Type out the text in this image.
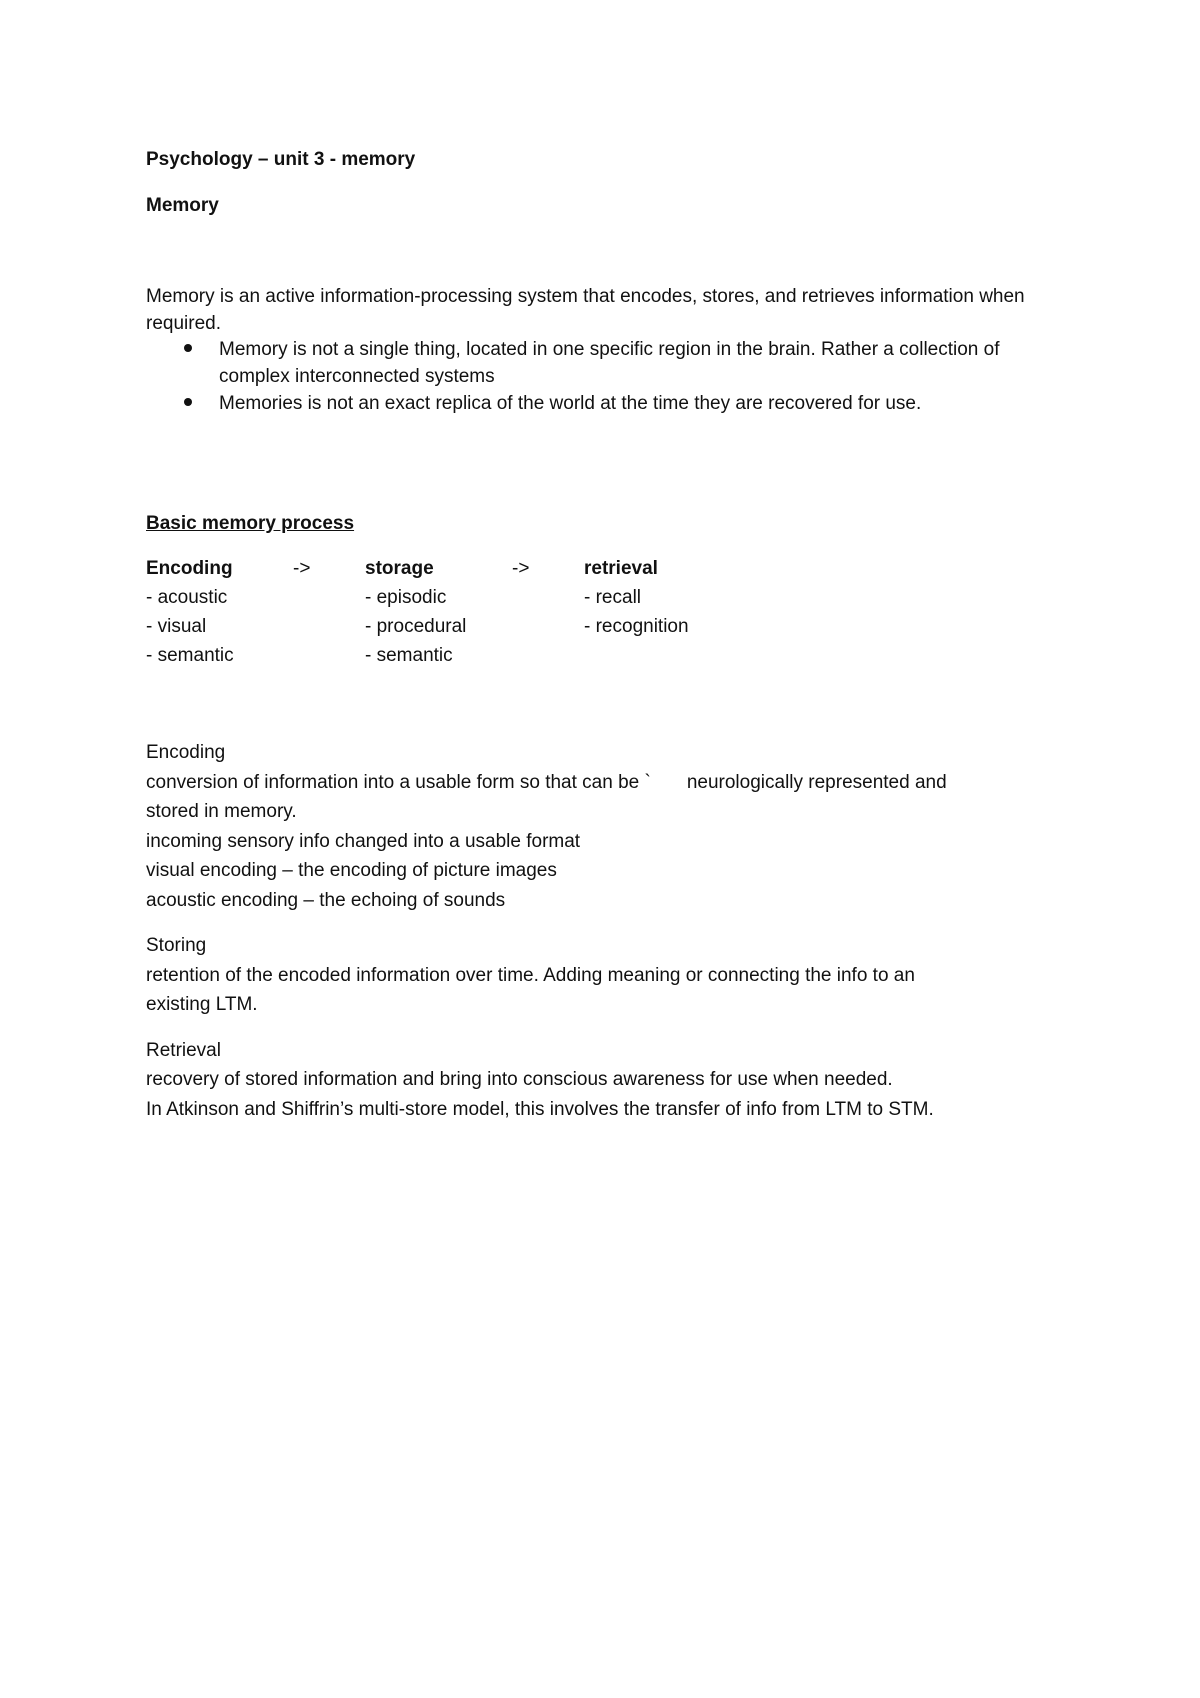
Psychology – unit 3 - memory

Memory

Memory is an active information-processing system that encodes, stores, and retrieves information when required.

Memory is not a single thing, located in one specific region in the brain. Rather a collection of complex interconnected systems
Memories is not an exact replica of the world at the time they are recovered for use.

Basic memory process

Encoding	->	storage	->	retrieval
- acoustic	- episodic	- recall
- visual	- procedural	- recognition
- semantic	- semantic

Encoding

conversion of information into a usable form so that can be ` neurologically represented and

stored in memory.

incoming sensory info changed into a usable format

visual encoding – the encoding of picture images

acoustic encoding – the echoing of sounds

Storing

retention of the encoded information over time. Adding meaning or connecting the info to an

existing LTM.

Retrieval

recovery of stored information and bring into conscious awareness for use when needed.

In Atkinson and Shiffrin’s multi-store model, this involves the transfer of info from LTM to STM.
